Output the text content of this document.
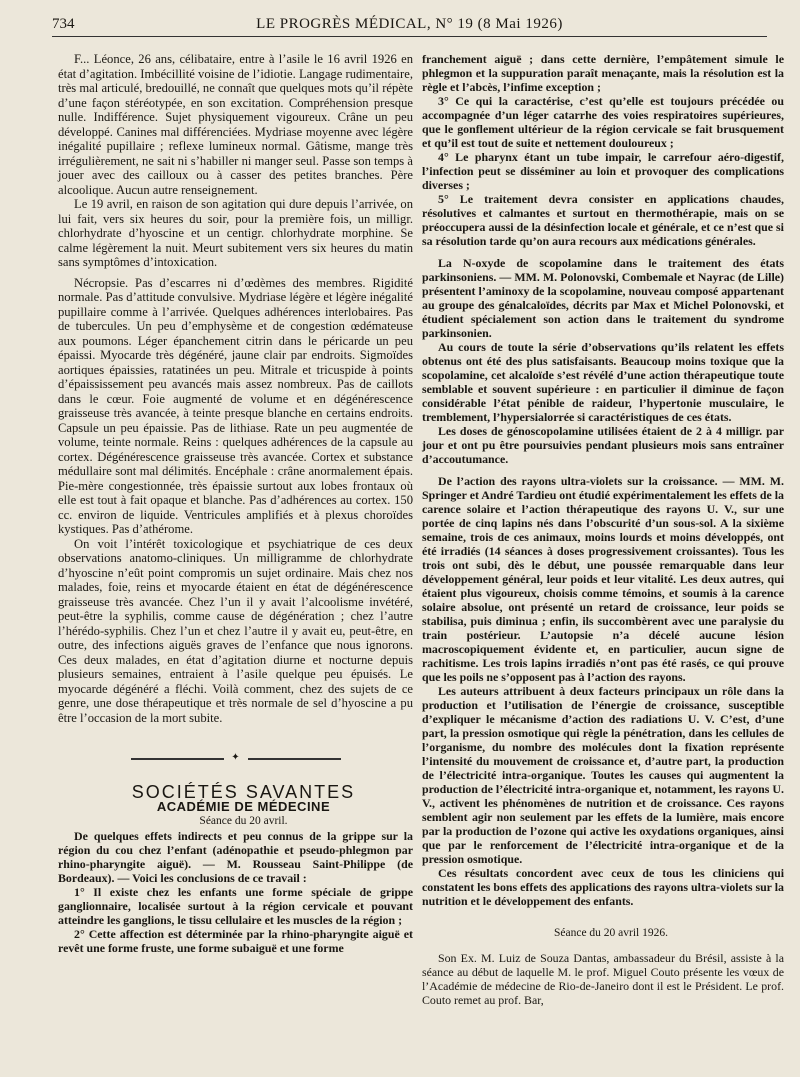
734	LE PROGRÈS MÉDICAL, N° 19 (8 Mai 1926)

F... Léonce, 26 ans, célibataire, entre à l’asile le 16 avril 1926 en état d’agitation. Imbécillité voisine de l’idiotie. Langage rudimentaire, très mal articulé, bredouillé, ne connaît que quelques mots qu’il répète d’une façon stéréotypée, en son excitation. Compréhension presque nulle. Indifférence. Sujet physiquement vigoureux. Crâne un peu développé. Canines mal différenciées. Mydriase moyenne avec légère inégalité pupillaire ; reflexe lumineux normal. Gâtisme, mange très irrégulièrement, ne sait ni s’habiller ni manger seul. Passe son temps à jouer avec des cailloux ou à casser des petites branches. Père alcoolique. Aucun autre renseignement.

Le 19 avril, en raison de son agitation qui dure depuis l’arrivée, on lui fait, vers six heures du soir, pour la première fois, un milligr. chlorhydrate d’hyoscine et un centigr. chlorhydrate morphine. Se calme légèrement la nuit. Meurt subitement vers six heures du matin sans symptômes d’intoxication.

Nécropsie. Pas d’escarres ni d’œdèmes des membres. Rigidité normale. Pas d’attitude convulsive. Mydriase légère et légère inégalité pupillaire comme à l’arrivée. Quelques adhérences interlobaires. Pas de tubercules. Un peu d’emphysème et de congestion œdémateuse aux poumons. Léger épanchement citrin dans le péricarde un peu épaissi. Myocarde très dégénéré, jaune clair par endroits. Sigmoïdes aortiques épaissies, ratatinées un peu. Mitrale et tricuspide à points d’épaississement peu avancés mais assez nombreux. Pas de caillots dans le cœur. Foie augmenté de volume et en dégénérescence graisseuse très avancée, à teinte presque blanche en certains endroits. Capsule un peu épaissie. Pas de lithiase. Rate un peu augmentée de volume, teinte normale. Reins : quelques adhérences de la capsule au cortex. Dégénérescence graisseuse très avancée. Cortex et substance médullaire sont mal délimités. Encéphale : crâne anormalement épais. Pie-mère congestionnée, très épaissie surtout aux lobes frontaux où elle est tout à fait opaque et blanche. Pas d’adhérences au cortex. 150 cc. environ de liquide. Ventricules amplifiés et à plexus choroïdes kystiques. Pas d’athérome.

On voit l’intérêt toxicologique et psychiatrique de ces deux observations anatomo-cliniques. Un milligramme de chlorhydrate d’hyoscine n’eût point compromis un sujet ordinaire. Mais chez nos malades, foie, reins et myocarde étaient en état de dégénérescence graisseuse très avancée. Chez l’un il y avait l’alcoolisme invétéré, peut-être la syphilis, comme cause de dégénération ; chez l’autre l’hérédo-syphilis. Chez l’un et chez l’autre il y avait eu, peut-être, en outre, des infections aiguës graves de l’enfance que nous ignorons. Ces deux malades, en état d’agitation diurne et nocturne depuis plusieurs semaines, entraient à l’asile quelque peu épuisés. Le myocarde dégénéré a fléchi. Voilà comment, chez des sujets de ce genre, une dose thérapeutique et très normale de sel d’hyoscine a pu être l’occasion de la mort subite.

✦

SOCIÉTÉS SAVANTES

ACADÉMIE DE MÉDECINE

Séance du 20 avril.

De quelques effets indirects et peu connus de la grippe sur la région du cou chez l’enfant (adénopathie et pseudo-phlegmon par rhino-pharyngite aiguë). — M. Rousseau Saint-Philippe (de Bordeaux). — Voici les conclusions de ce travail :

1° Il existe chez les enfants une forme spéciale de grippe ganglionnaire, localisée surtout à la région cervicale et pouvant atteindre les ganglions, le tissu cellulaire et les muscles de la région ;

2° Cette affection est déterminée par la rhino-pharyngite aiguë et revêt une forme fruste, une forme subaiguë et une forme

franchement aiguë ; dans cette dernière, l’empâtement simule le phlegmon et la suppuration paraît menaçante, mais la résolution est la règle et l’abcès, l’infime exception ;

3° Ce qui la caractérise, c’est qu’elle est toujours précédée ou accompagnée d’un léger catarrhe des voies respiratoires supérieures, que le gonflement ultérieur de la région cervicale se fait brusquement et qu’il est tout de suite et nettement douloureux ;

4° Le pharynx étant un tube impair, le carrefour aéro-digestif, l’infection peut se disséminer au loin et provoquer des complications diverses ;

5° Le traitement devra consister en applications chaudes, résolutives et calmantes et surtout en thermothérapie, mais on se préoccupera aussi de la désinfection locale et générale, et ce n’est que si sa résolution tarde qu’on aura recours aux médications générales.

La N-oxyde de scopolamine dans le traitement des états parkinsoniens. — MM. M. Polonovski, Combemale et Nayrac (de Lille) présentent l’aminoxy de la scopolamine, nouveau composé appartenant au groupe des génalcaloïdes, décrits par Max et Michel Polonovski, et étudient spécialement son action dans le traitement du syndrome parkinsonien.

Au cours de toute la série d’observations qu’ils relatent les effets obtenus ont été des plus satisfaisants. Beaucoup moins toxique que la scopolamine, cet alcaloïde s’est révélé d’une action thérapeutique toute semblable et souvent supérieure : en particulier il diminue de façon considérable l’état pénible de raideur, l’hypertonie musculaire, le tremblement, l’hypersialorrée si caractéristiques de ces états.

Les doses de génoscopolamine utilisées étaient de 2 à 4 milligr. par jour et ont pu être poursuivies pendant plusieurs mois sans entraîner d’accoutumance.

De l’action des rayons ultra-violets sur la croissance. — MM. M. Springer et André Tardieu ont étudié expérimentalement les effets de la carence solaire et l’action thérapeutique des rayons U. V., sur une portée de cinq lapins nés dans l’obscurité d’un sous-sol. A la sixième semaine, trois de ces animaux, moins lourds et moins développés, ont été irradiés (14 séances à doses progressivement croissantes). Tous les trois ont subi, dès le début, une poussée remarquable dans leur développement général, leur poids et leur vitalité. Les deux autres, qui étaient plus vigoureux, choisis comme témoins, et soumis à la carence solaire absolue, ont présenté un retard de croissance, leur poids se stabilisa, puis diminua ; enfin, ils succombèrent avec une paralysie du train postérieur. L’autopsie n’a décelé aucune lésion macroscopiquement évidente et, en particulier, aucun signe de rachitisme. Les trois lapins irradiés n’ont pas été rasés, ce qui prouve que les poils ne s’opposent pas à l’action des rayons.

Les auteurs attribuent à deux facteurs principaux un rôle dans la production et l’utilisation de l’énergie de croissance, susceptible d’expliquer le mécanisme d’action des radiations U. V. C’est, d’une part, la pression osmotique qui règle la pénétration, dans les cellules de l’organisme, du nombre des molécules dont la fixation représente l’intensité du mouvement de croissance et, d’autre part, la production de l’électricité intra-organique. Toutes les causes qui augmentent la production de l’électricité intra-organique et, notamment, les rayons U. V., activent les phénomènes de nutrition et de croissance. Ces rayons semblent agir non seulement par les effets de la lumière, mais encore par la production de l’ozone qui active les oxydations organiques, ainsi que par le renforcement de l’électricité intra-organique et de la pression osmotique.

Ces résultats concordent avec ceux de tous les cliniciens qui constatent les bons effets des applications des rayons ultra-violets sur la nutrition et le développement des enfants.

Séance du 20 avril 1926.

Son Ex. M. Luiz de Souza Dantas, ambassadeur du Brésil, assiste à la séance au début de laquelle M. le prof. Miguel Couto présente les vœux de l’Académie de médecine de Rio-de-Janeiro dont il est le Président. Le prof. Couto remet au prof. Bar,
